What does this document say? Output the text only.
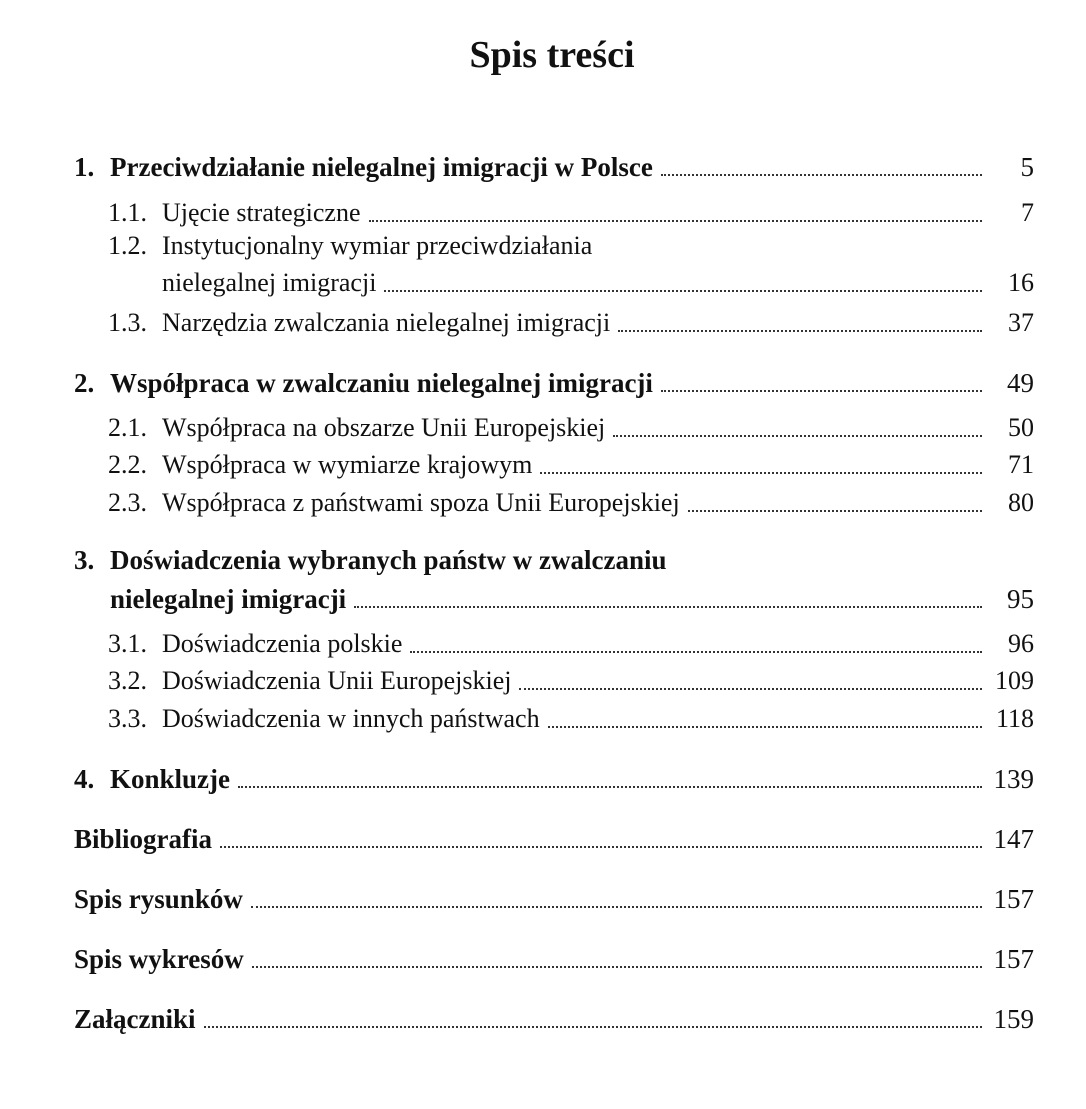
Spis treści
1. Przeciwdziałanie nielegalnej imigracji w Polsce	5
1.1. Ujęcie strategiczne	7
1.2. Instytucjonalny wymiar przeciwdziałania
nielegalnej imigracji	16
1.3. Narzędzia zwalczania nielegalnej imigracji	37
2. Współpraca w zwalczaniu nielegalnej imigracji	49
2.1. Współpraca na obszarze Unii Europejskiej	50
2.2. Współpraca w wymiarze krajowym	71
2.3. Współpraca z państwami spoza Unii Europejskiej	80
3. Doświadczenia wybranych państw w zwalczaniu
nielegalnej imigracji	95
3.1. Doświadczenia polskie	96
3.2. Doświadczenia Unii Europejskiej	109
3.3. Doświadczenia w innych państwach	118
4. Konkluzje	139
Bibliografia	147
Spis rysunków	157
Spis wykresów	157
Załączniki	159
